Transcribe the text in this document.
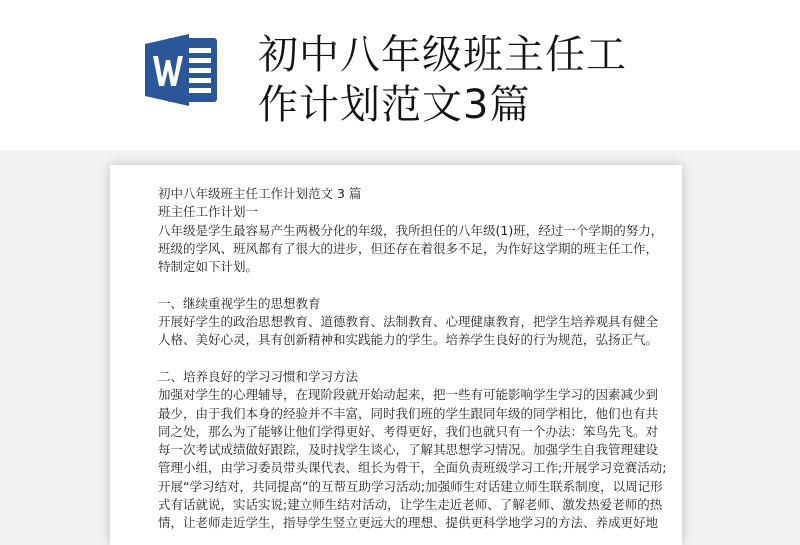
初中八年级班主任工
作计划范文3篇
初中八年级班主任工作计划范文 3 篇
班主任工作计划一
八年级是学生最容易产生两极分化的年级，我所担任的八年级(1)班，经过一个学期的努力，
班级的学风、班风都有了很大的进步，但还存在着很多不足，为作好这学期的班主任工作，
特制定如下计划。
一、继续重视学生的思想教育
开展好学生的政治思想教育、道德教育、法制教育、心理健康教育，把学生培养观具有健全
人格、美好心灵，具有创新精神和实践能力的学生。培养学生良好的行为规范，弘扬正气。
二、培养良好的学习习惯和学习方法
加强对学生的心理辅导，在现阶段就开始动起来，把一些有可能影响学生学习的因素减少到
最少，由于我们本身的经验并不丰富，同时我们班的学生跟同年级的同学相比，他们也有共
同之处，那么为了能够让他们学得更好、考得更好，我们也就只有一个办法：笨鸟先飞。对
每一次考试成绩做好跟踪，及时找学生谈心，了解其思想学习情况。加强学生自我管理建设
管理小组，由学习委员带头课代表、组长为骨干，全面负责班级学习工作;开展学习竞赛活动;
开展“学习结对，共同提高”的互帮互助学习活动;加强师生对话建立师生联系制度，以周记形
式有话就说，实话实说;建立师生结对活动，让学生走近老师、了解老师、激发热爱老师的热
情，让老师走近学生，指导学生竖立更远大的理想、提供更科学地学习的方法、养成更好地
